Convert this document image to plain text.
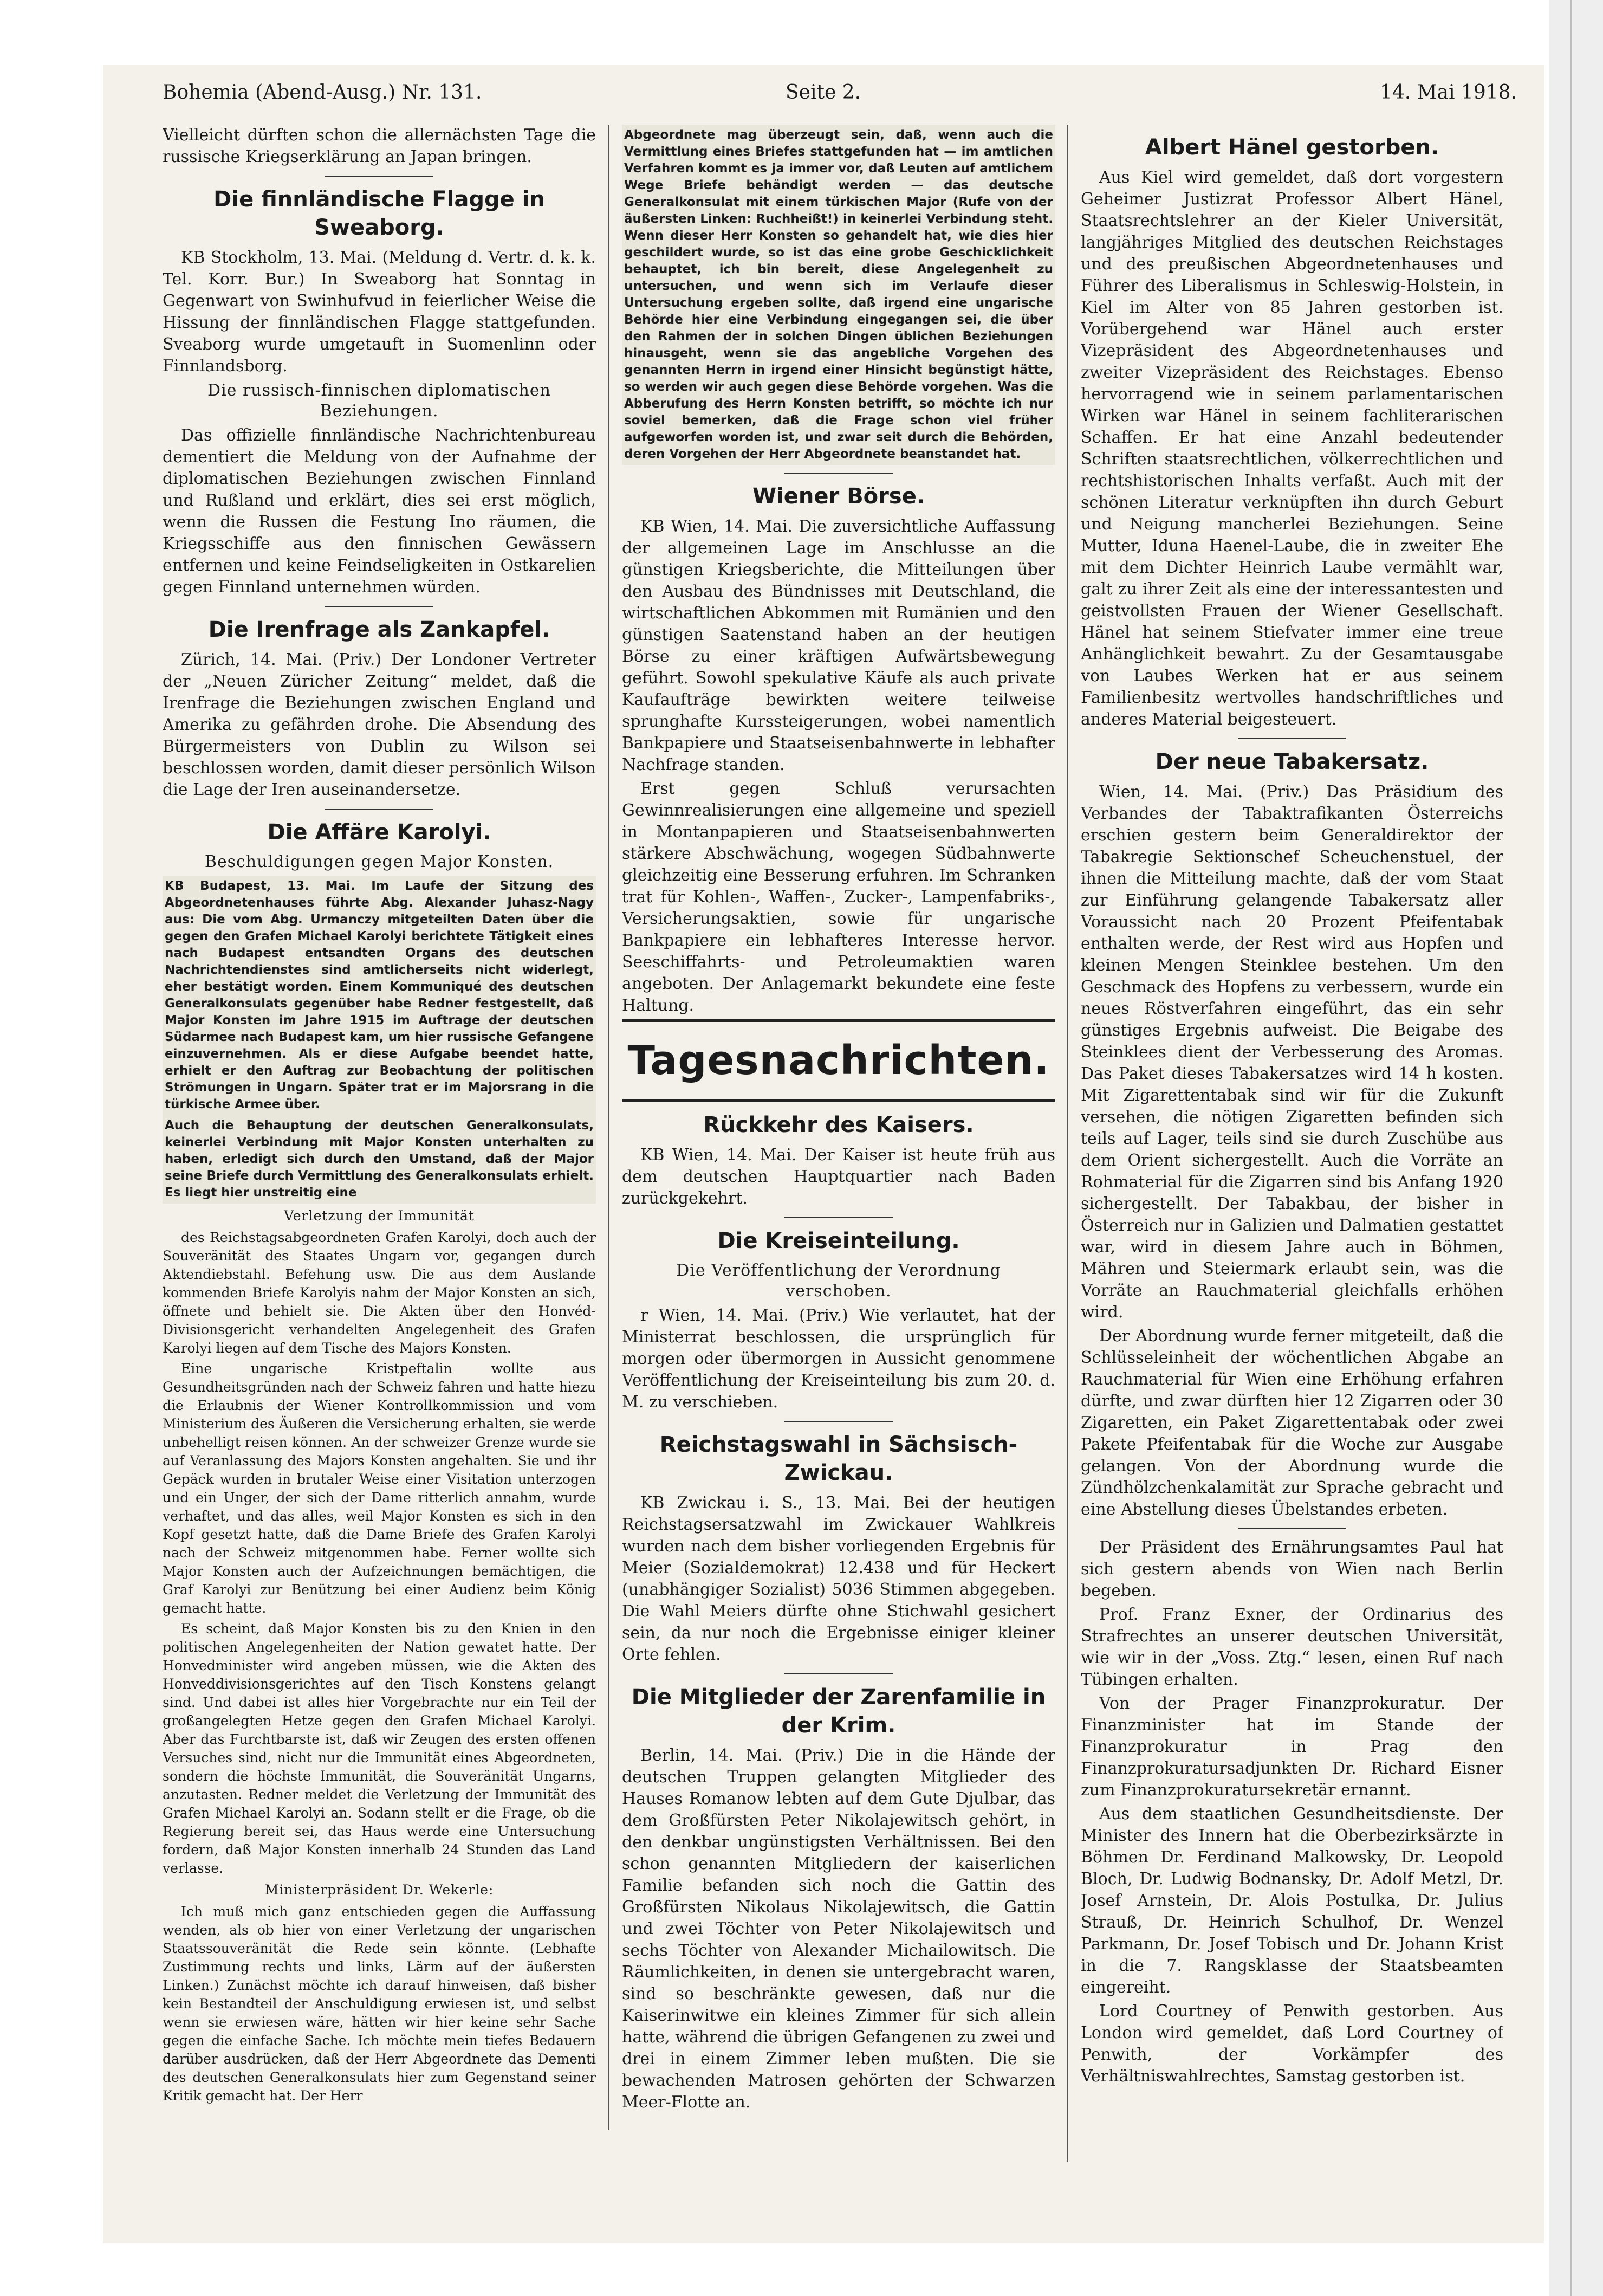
Bohemia (Abend-Ausg.) Nr. 131.	Seite 2.	14. Mai 1918.

Vielleicht dürften schon die allernächsten Tage die russische Kriegserklärung an Japan bringen.

Die finnländische Flagge in Sweaborg.

KB Stockholm, 13. Mai. (Meldung d. Vertr. d. k. k. Tel. Korr. Bur.) In Sweaborg hat Sonntag in Gegenwart von Swinhufvud in feierlicher Weise die Hissung der finnländischen Flagge stattgefunden. Sveaborg wurde umgetauft in Suomenlinn oder Finnlandsborg.

Die russisch-finnischen diplomatischen Beziehungen.

Das offizielle finnländische Nachrichtenbureau dementiert die Meldung von der Aufnahme der diplomatischen Beziehungen zwischen Finnland und Rußland und erklärt, dies sei erst möglich, wenn die Russen die Festung Ino räumen, die Kriegsschiffe aus den finnischen Gewässern entfernen und keine Feindseligkeiten in Ostkarelien gegen Finnland unternehmen würden.

Die Irenfrage als Zankapfel.

Zürich, 14. Mai. (Priv.) Der Londoner Vertreter der „Neuen Züricher Zeitung“ meldet, daß die Irenfrage die Beziehungen zwischen England und Amerika zu gefährden drohe. Die Absendung des Bürgermeisters von Dublin zu Wilson sei beschlossen worden, damit dieser persönlich Wilson die Lage der Iren auseinandersetze.

Die Affäre Karolyi.
Beschuldigungen gegen Major Konsten.
KB Budapest, 13. Mai. Im Laufe der Sitzung des Abgeordnetenhauses führte Abg. Alexander Juhasz-Nagy aus: Die vom Abg. Urmanczy mitgeteilten Daten über die gegen den Grafen Michael Karolyi berichtete Tätigkeit eines nach Budapest entsandten Organs des deutschen Nachrichtendienstes sind amtlicherseits nicht widerlegt, eher bestätigt worden. Einem Kommuniqué des deutschen Generalkonsulats gegenüber habe Redner festgestellt, daß Major Konsten im Jahre 1915 im Auftrage der deutschen Südarmee nach Budapest kam, um hier russische Gefangene einzuvernehmen. Als er diese Aufgabe beendet hatte, erhielt er den Auftrag zur Beobachtung der politischen Strömungen in Ungarn. Später trat er im Majorsrang in die türkische Armee über.
Auch die Behauptung der deutschen Generalkonsulats, keinerlei Verbindung mit Major Konsten unterhalten zu haben, erledigt sich durch den Umstand, daß der Major seine Briefe durch Vermittlung des Generalkonsulats erhielt. Es liegt hier unstreitig eine
Verletzung der Immunität

des Reichstagsabgeordneten Grafen Karolyi, doch auch der Souveränität des Staates Ungarn vor, gegangen durch Aktendiebstahl. Befehung usw. Die aus dem Auslande kommenden Briefe Karolyis nahm der Major Konsten an sich, öffnete und behielt sie. Die Akten über den Honvéd-Divisionsgericht verhandelten Angelegenheit des Grafen Karolyi liegen auf dem Tische des Majors Konsten.

Eine ungarische Kristpeftalin wollte aus Gesundheitsgründen nach der Schweiz fahren und hatte hiezu die Erlaubnis der Wiener Kontrollkommission und vom Ministerium des Äußeren die Versicherung erhalten, sie werde unbehelligt reisen können. An der schweizer Grenze wurde sie auf Veranlassung des Majors Konsten angehalten. Sie und ihr Gepäck wurden in brutaler Weise einer Visitation unterzogen und ein Unger, der sich der Dame ritterlich annahm, wurde verhaftet, und das alles, weil Major Konsten es sich in den Kopf gesetzt hatte, daß die Dame Briefe des Grafen Karolyi nach der Schweiz mitgenommen habe. Ferner wollte sich Major Konsten auch der Aufzeichnungen bemächtigen, die Graf Karolyi zur Benützung bei einer Audienz beim König gemacht hatte.

Es scheint, daß Major Konsten bis zu den Knien in den politischen Angelegenheiten der Nation gewatet hatte. Der Honvedminister wird angeben müssen, wie die Akten des Honveddivisionsgerichtes auf den Tisch Konstens gelangt sind. Und dabei ist alles hier Vorgebrachte nur ein Teil der großangelegten Hetze gegen den Grafen Michael Karolyi. Aber das Furchtbarste ist, daß wir Zeugen des ersten offenen Versuches sind, nicht nur die Immunität eines Abgeordneten, sondern die höchste Immunität, die Souveränität Ungarns, anzutasten. Redner meldet die Verletzung der Immunität des Grafen Michael Karolyi an. Sodann stellt er die Frage, ob die Regierung bereit sei, das Haus werde eine Untersuchung fordern, daß Major Konsten innerhalb 24 Stunden das Land verlasse.

Ministerpräsident Dr. Wekerle:

Ich muß mich ganz entschieden gegen die Auffassung wenden, als ob hier von einer Verletzung der ungarischen Staatssouveränität die Rede sein könnte. (Lebhafte Zustimmung rechts und links, Lärm auf der äußersten Linken.) Zunächst möchte ich darauf hinweisen, daß bisher kein Bestandteil der Anschuldigung erwiesen ist, und selbst wenn sie erwiesen wäre, hätten wir hier keine sehr Sache gegen die einfache Sache. Ich möchte mein tiefes Bedauern darüber ausdrücken, daß der Herr Abgeordnete das Dementi des deutschen Generalkonsulats hier zum Gegenstand seiner Kritik gemacht hat. Der Herr

Abgeordnete mag überzeugt sein, daß, wenn auch die Vermittlung eines Briefes stattgefunden hat — im amtlichen Verfahren kommt es ja immer vor, daß Leuten auf amtlichem Wege Briefe behändigt werden — das deutsche Generalkonsulat mit einem türkischen Major (Rufe von der äußersten Linken: Ruchheißt!) in keinerlei Verbindung steht. Wenn dieser Herr Konsten so gehandelt hat, wie dies hier geschildert wurde, so ist das eine grobe Geschicklichkeit behauptet, ich bin bereit, diese Angelegenheit zu untersuchen, und wenn sich im Verlaufe dieser Untersuchung ergeben sollte, daß irgend eine ungarische Behörde hier eine Verbindung eingegangen sei, die über den Rahmen der in solchen Dingen üblichen Beziehungen hinausgeht, wenn sie das angebliche Vorgehen des genannten Herrn in irgend einer Hinsicht begünstigt hätte, so werden wir auch gegen diese Behörde vorgehen. Was die Abberufung des Herrn Konsten betrifft, so möchte ich nur soviel bemerken, daß die Frage schon viel früher aufgeworfen worden ist, und zwar seit durch die Behörden, deren Vorgehen der Herr Abgeordnete beanstandet hat.
Wiener Börse.

KB Wien, 14. Mai. Die zuversichtliche Auffassung der allgemeinen Lage im Anschlusse an die günstigen Kriegsberichte, die Mitteilungen über den Ausbau des Bündnisses mit Deutschland, die wirtschaftlichen Abkommen mit Rumänien und den günstigen Saatenstand haben an der heutigen Börse zu einer kräftigen Aufwärtsbewegung geführt. Sowohl spekulative Käufe als auch private Kaufaufträge bewirkten weitere teilweise sprunghafte Kurssteigerungen, wobei namentlich Bankpapiere und Staatseisenbahnwerte in lebhafter Nachfrage standen.

Erst gegen Schluß verursachten Gewinnrealisierungen eine allgemeine und speziell in Montanpapieren und Staatseisenbahnwerten stärkere Abschwächung, wogegen Südbahnwerte gleichzeitig eine Besserung erfuhren. Im Schranken trat für Kohlen-, Waffen-, Zucker-, Lampenfabriks-, Versicherungsaktien, sowie für ungarische Bankpapiere ein lebhafteres Interesse hervor. Seeschiffahrts- und Petroleumaktien waren angeboten. Der Anlagemarkt bekundete eine feste Haltung.

Tagesnachrichten.
Rückkehr des Kaisers.

KB Wien, 14. Mai. Der Kaiser ist heute früh aus dem deutschen Hauptquartier nach Baden zurückgekehrt.

Die Kreiseinteilung.
Die Veröffentlichung der Verordnung verschoben.

r Wien, 14. Mai. (Priv.) Wie verlautet, hat der Ministerrat beschlossen, die ursprünglich für morgen oder übermorgen in Aussicht genommene Veröffentlichung der Kreiseinteilung bis zum 20. d. M. zu verschieben.

Reichstagswahl in Sächsisch-Zwickau.

KB Zwickau i. S., 13. Mai. Bei der heutigen Reichstagsersatzwahl im Zwickauer Wahlkreis wurden nach dem bisher vorliegenden Ergebnis für Meier (Sozialdemokrat) 12.438 und für Heckert (unabhängiger Sozialist) 5036 Stimmen abgegeben. Die Wahl Meiers dürfte ohne Stichwahl gesichert sein, da nur noch die Ergebnisse einiger kleiner Orte fehlen.

Die Mitglieder der Zarenfamilie in der Krim.

Berlin, 14. Mai. (Priv.) Die in die Hände der deutschen Truppen gelangten Mitglieder des Hauses Romanow lebten auf dem Gute Djulbar, das dem Großfürsten Peter Nikolajewitsch gehört, in den denkbar ungünstigsten Verhältnissen. Bei den schon genannten Mitgliedern der kaiserlichen Familie befanden sich noch die Gattin des Großfürsten Nikolaus Nikolajewitsch, die Gattin und zwei Töchter von Peter Nikolajewitsch und sechs Töchter von Alexander Michailowitsch. Die Räumlichkeiten, in denen sie untergebracht waren, sind so beschränkte gewesen, daß nur die Kaiserinwitwe ein kleines Zimmer für sich allein hatte, während die übrigen Gefangenen zu zwei und drei in einem Zimmer leben mußten. Die sie bewachenden Matrosen gehörten der Schwarzen Meer-Flotte an.

Albert Hänel gestorben.

Aus Kiel wird gemeldet, daß dort vorgestern Geheimer Justizrat Professor Albert Hänel, Staatsrechtslehrer an der Kieler Universität, langjähriges Mitglied des deutschen Reichstages und des preußischen Abgeordnetenhauses und Führer des Liberalismus in Schleswig-Holstein, in Kiel im Alter von 85 Jahren gestorben ist. Vorübergehend war Hänel auch erster Vizepräsident des Abgeordnetenhauses und zweiter Vizepräsident des Reichstages. Ebenso hervorragend wie in seinem parlamentarischen Wirken war Hänel in seinem fachliterarischen Schaffen. Er hat eine Anzahl bedeutender Schriften staatsrechtlichen, völkerrechtlichen und rechtshistorischen Inhalts verfaßt. Auch mit der schönen Literatur verknüpften ihn durch Geburt und Neigung mancherlei Beziehungen. Seine Mutter, Iduna Haenel-Laube, die in zweiter Ehe mit dem Dichter Heinrich Laube vermählt war, galt zu ihrer Zeit als eine der interessantesten und geistvollsten Frauen der Wiener Gesellschaft. Hänel hat seinem Stiefvater immer eine treue Anhänglichkeit bewahrt. Zu der Gesamtausgabe von Laubes Werken hat er aus seinem Familienbesitz wertvolles handschriftliches und anderes Material beigesteuert.

Der neue Tabakersatz.

Wien, 14. Mai. (Priv.) Das Präsidium des Verbandes der Tabaktrafikanten Österreichs erschien gestern beim Generaldirektor der Tabakregie Sektionschef Scheuchenstuel, der ihnen die Mitteilung machte, daß der vom Staat zur Einführung gelangende Tabakersatz aller Voraussicht nach 20 Prozent Pfeifentabak enthalten werde, der Rest wird aus Hopfen und kleinen Mengen Steinklee bestehen. Um den Geschmack des Hopfens zu verbessern, wurde ein neues Röstverfahren eingeführt, das ein sehr günstiges Ergebnis aufweist. Die Beigabe des Steinklees dient der Verbesserung des Aromas. Das Paket dieses Tabakersatzes wird 14 h kosten. Mit Zigarettentabak sind wir für die Zukunft versehen, die nötigen Zigaretten befinden sich teils auf Lager, teils sind sie durch Zuschübe aus dem Orient sichergestellt. Auch die Vorräte an Rohmaterial für die Zigarren sind bis Anfang 1920 sichergestellt. Der Tabakbau, der bisher in Österreich nur in Galizien und Dalmatien gestattet war, wird in diesem Jahre auch in Böhmen, Mähren und Steiermark erlaubt sein, was die Vorräte an Rauchmaterial gleichfalls erhöhen wird.

Der Abordnung wurde ferner mitgeteilt, daß die Schlüsseleinheit der wöchentlichen Abgabe an Rauchmaterial für Wien eine Erhöhung erfahren dürfte, und zwar dürften hier 12 Zigarren oder 30 Zigaretten, ein Paket Zigarettentabak oder zwei Pakete Pfeifentabak für die Woche zur Ausgabe gelangen. Von der Abordnung wurde die Zündhölzchenkalamität zur Sprache gebracht und eine Abstellung dieses Übelstandes erbeten.

Der Präsident des Ernährungsamtes Paul hat sich gestern abends von Wien nach Berlin begeben.

Prof. Franz Exner, der Ordinarius des Strafrechtes an unserer deutschen Universität, wie wir in der „Voss. Ztg.“ lesen, einen Ruf nach Tübingen erhalten.

Von der Prager Finanzprokuratur. Der Finanzminister hat im Stande der Finanzprokuratur in Prag den Finanzprokuratursadjunkten Dr. Richard Eisner zum Finanzprokuratursekretär ernannt.

Aus dem staatlichen Gesundheitsdienste. Der Minister des Innern hat die Oberbezirksärzte in Böhmen Dr. Ferdinand Malkowsky, Dr. Leopold Bloch, Dr. Ludwig Bodnansky, Dr. Adolf Metzl, Dr. Josef Arnstein, Dr. Alois Postulka, Dr. Julius Strauß, Dr. Heinrich Schulhof, Dr. Wenzel Parkmann, Dr. Josef Tobisch und Dr. Johann Krist in die 7. Rangsklasse der Staatsbeamten eingereiht.

Lord Courtney of Penwith gestorben. Aus London wird gemeldet, daß Lord Courtney of Penwith, der Vorkämpfer des Verhältniswahlrechtes, Samstag gestorben ist.
